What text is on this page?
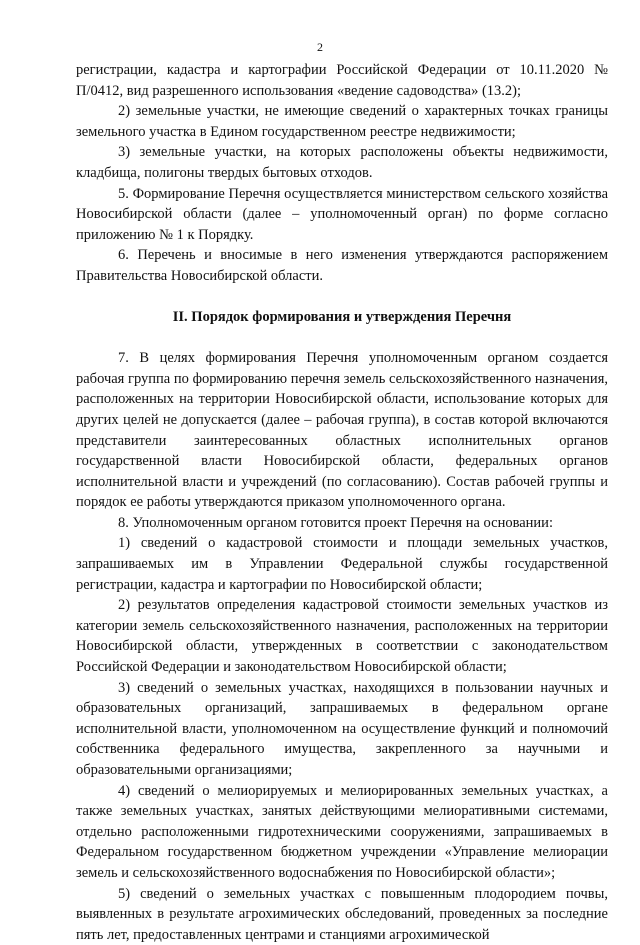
2

регистрации, кадастра и картографии Российской Федерации от 10.11.2020 № П/0412, вид разрешенного использования «ведение садоводства» (13.2);

2) земельные участки, не имеющие сведений о характерных точках границы земельного участка в Едином государственном реестре недвижимости;

3) земельные участки, на которых расположены объекты недвижимости, кладбища, полигоны твердых бытовых отходов.

5. Формирование Перечня осуществляется министерством сельского хозяйства Новосибирской области (далее – уполномоченный орган) по форме согласно приложению № 1 к Порядку.

6. Перечень и вносимые в него изменения утверждаются распоряжением Правительства Новосибирской области.

II. Порядок формирования и утверждения Перечня

7. В целях формирования Перечня уполномоченным органом создается рабочая группа по формированию перечня земель сельскохозяйственного назначения, расположенных на территории Новосибирской области, использование которых для других целей не допускается (далее – рабочая группа), в состав которой включаются представители заинтересованных областных исполнительных органов государственной власти Новосибирской области, федеральных органов исполнительной власти и учреждений (по согласованию). Состав рабочей группы и порядок ее работы утверждаются приказом уполномоченного органа.

8. Уполномоченным органом готовится проект Перечня на основании:

1) сведений о кадастровой стоимости и площади земельных участков, запрашиваемых им в Управлении Федеральной службы государственной регистрации, кадастра и картографии по Новосибирской области;

2) результатов определения кадастровой стоимости земельных участков из категории земель сельскохозяйственного назначения, расположенных на территории Новосибирской области, утвержденных в соответствии с законодательством Российской Федерации и законодательством Новосибирской области;

3) сведений о земельных участках, находящихся в пользовании научных и образовательных организаций, запрашиваемых в федеральном органе исполнительной власти, уполномоченном на осуществление функций и полномочий собственника федерального имущества, закрепленного за научными и образовательными организациями;

4) сведений о мелиорируемых и мелиорированных земельных участках, а также земельных участках, занятых действующими мелиоративными системами, отдельно расположенными гидротехническими сооружениями, запрашиваемых в Федеральном государственном бюджетном учреждении «Управление мелиорации земель и сельскохозяйственного водоснабжения по Новосибирской области»;

5) сведений о земельных участках с повышенным плодородием почвы, выявленных в результате агрохимических обследований, проведенных за последние пять лет, предоставленных центрами и станциями агрохимической
